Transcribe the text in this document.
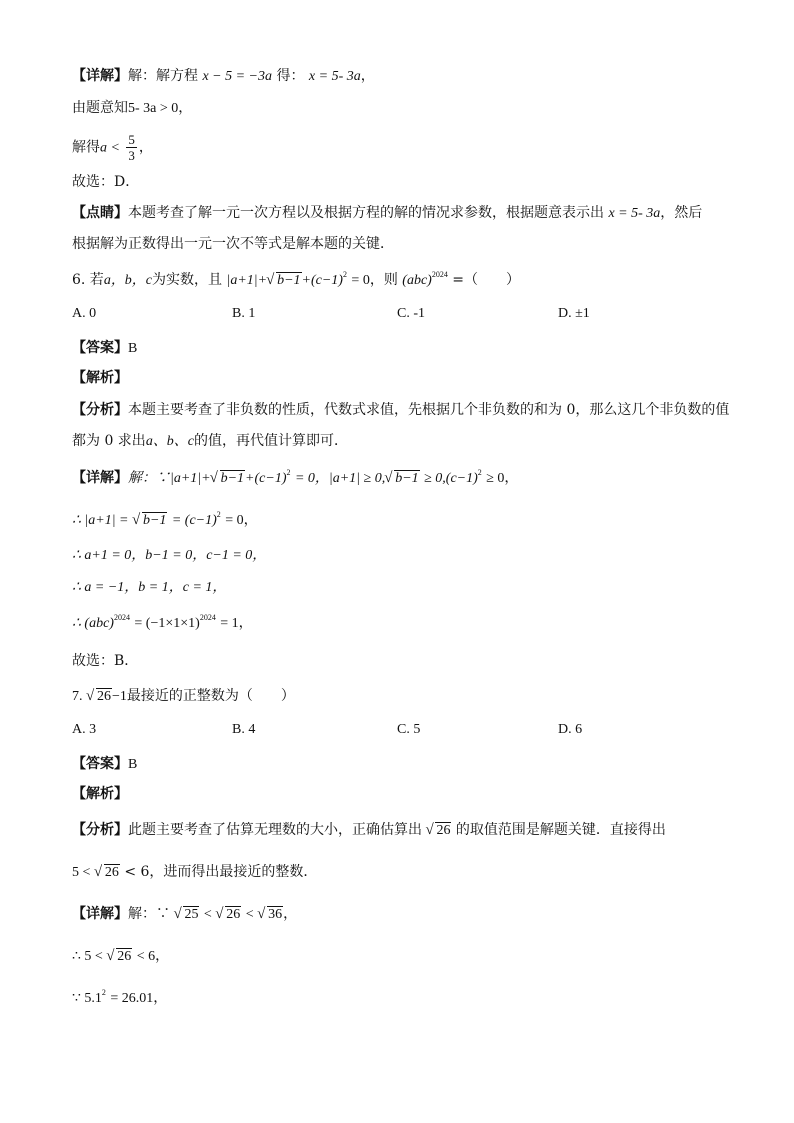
【详解】解：解方程 x − 5 = −3a 得： x = 5- 3a，
由题意知5- 3a > 0，
解得$a < \frac{5}{3}$ ，
故选：D．
【点睛】本题考查了解一元一次方程以及根据方程的解的情况求参数，根据题意表示出 x = 5- 3a，然后
根据解为正数得出一元一次不等式是解本题的关键．
6. 若a，b，c为实数，且 |a+1|+ √ $b-1+(c-1)^2 = 0$，则 (abc)$^{2024}$ =（　　）
A. 0	B. 1	C. -1	D. ±1
【答案】B
【解析】
【分析】本题主要考查了非负数的性质，代数式求值，先根据几个非负数的和为 0，那么这几个非负数的值
都为 0 求出a、b、c的值，再代值计算即可．
【详解】解：∵|a+1|+ √ $b-1+(c-1)^2 = 0$，|a+1| ≥ 0, √ $b-1 \ge 0,(c-1)^2 \ge 0$，
∴ |a+1| = √ $b-1 = (c-1)^2 = 0$，
∴ a+1 = 0，b−1 = 0，c−1 = 0，
∴ a = −1，b = 1，c = 1，
∴ $(abc)^{2024} = (-1\times 1\times 1)^{2024} = 1$，
故选：B．
7. √ 26−1最接近的正整数为（　　）
A. 3	B. 4	C. 5	D. 6
【答案】B
【解析】
【分析】此题主要考查了估算无理数的大小，正确估算出 √ 26 的取值范围是解题关键．直接得出
5 < √ 26 < 6，进而得出最接近的整数．
【详解】解：∵ √ 25 < √ 26 < √ 36，
∴ 5 < √ 26 < 6，
∵ $5.1^2 = 26.01$，
